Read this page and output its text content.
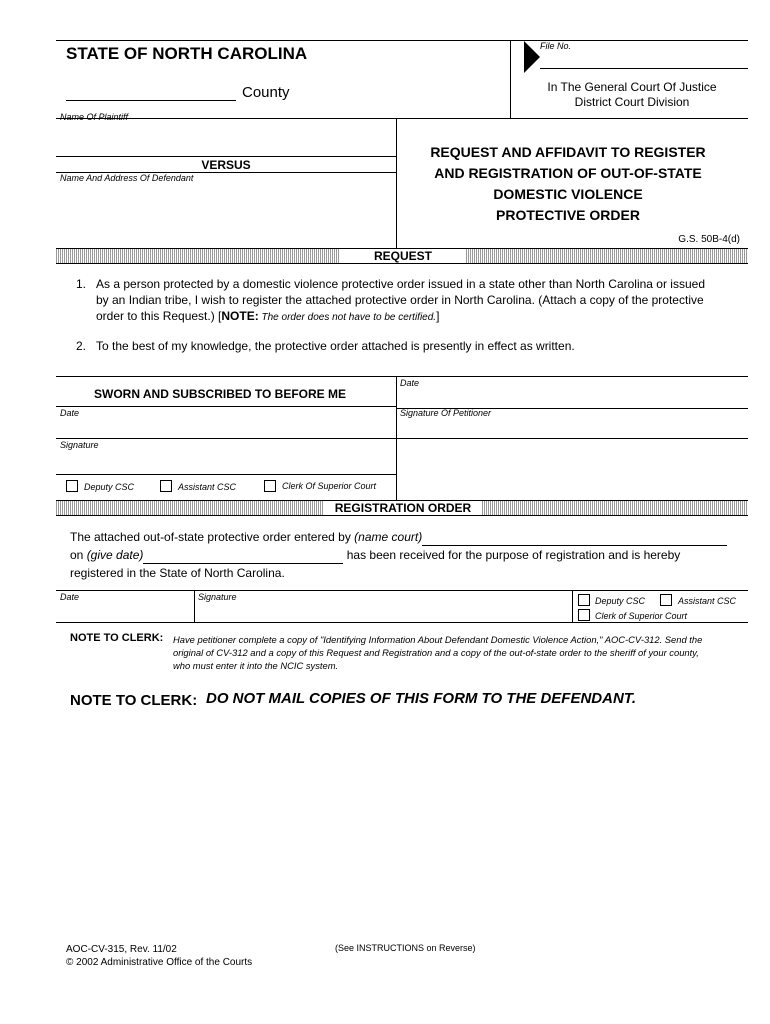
STATE OF NORTH CAROLINA
County
File No.
In The General Court Of Justice
District Court Division
Name Of Plaintiff
VERSUS
Name And Address Of Defendant
REQUEST AND AFFIDAVIT TO REGISTER
AND REGISTRATION OF OUT-OF-STATE
DOMESTIC VIOLENCE
PROTECTIVE ORDER
G.S. 50B-4(d)
REQUEST
1. As a person protected by a domestic violence protective order issued in a state other than North Carolina or issued
by an Indian tribe, I wish to register the attached protective order in North Carolina. (Attach a copy of the protective
order to this Request.) [NOTE: The order does not have to be certified.]
2. To the best of my knowledge, the protective order attached is presently in effect as written.
SWORN AND SUBSCRIBED TO BEFORE ME
Date
Date	Signature Of Petitioner
Signature
Deputy CSC	Assistant CSC	Clerk Of Superior Court
REGISTRATION ORDER
The attached out-of-state protective order entered by (name court)
on (give date)	has been received for the purpose of registration and is hereby
registered in the State of North Carolina.
Date	Signature	Deputy CSC	Assistant CSC
Clerk of Superior Court
NOTE TO CLERK: Have petitioner complete a copy of "Identifying Information About Defendant Domestic Violence Action," AOC-CV-312. Send the
original of CV-312 and a copy of this Request and Registration and a copy of the out-of-state order to the sheriff of your county,
who must enter it into the NCIC system.
NOTE TO CLERK: DO NOT MAIL COPIES OF THIS FORM TO THE DEFENDANT.
AOC-CV-315, Rev. 11/02
© 2002 Administrative Office of the Courts
(See INSTRUCTIONS on Reverse)
